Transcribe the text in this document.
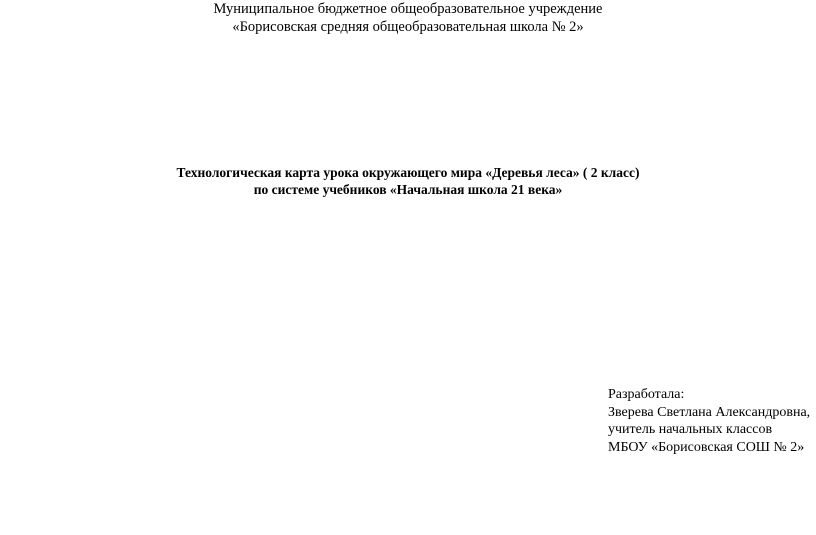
Муниципальное бюджетное общеобразовательное учреждение
«Борисовская средняя общеобразовательная школа № 2»
Технологическая карта урока окружающего мира «Деревья леса» ( 2 класс)
по системе учебников «Начальная школа 21 века»
Разработала:
Зверева Светлана Александровна,
учитель начальных классов
МБОУ «Борисовская СОШ № 2»
